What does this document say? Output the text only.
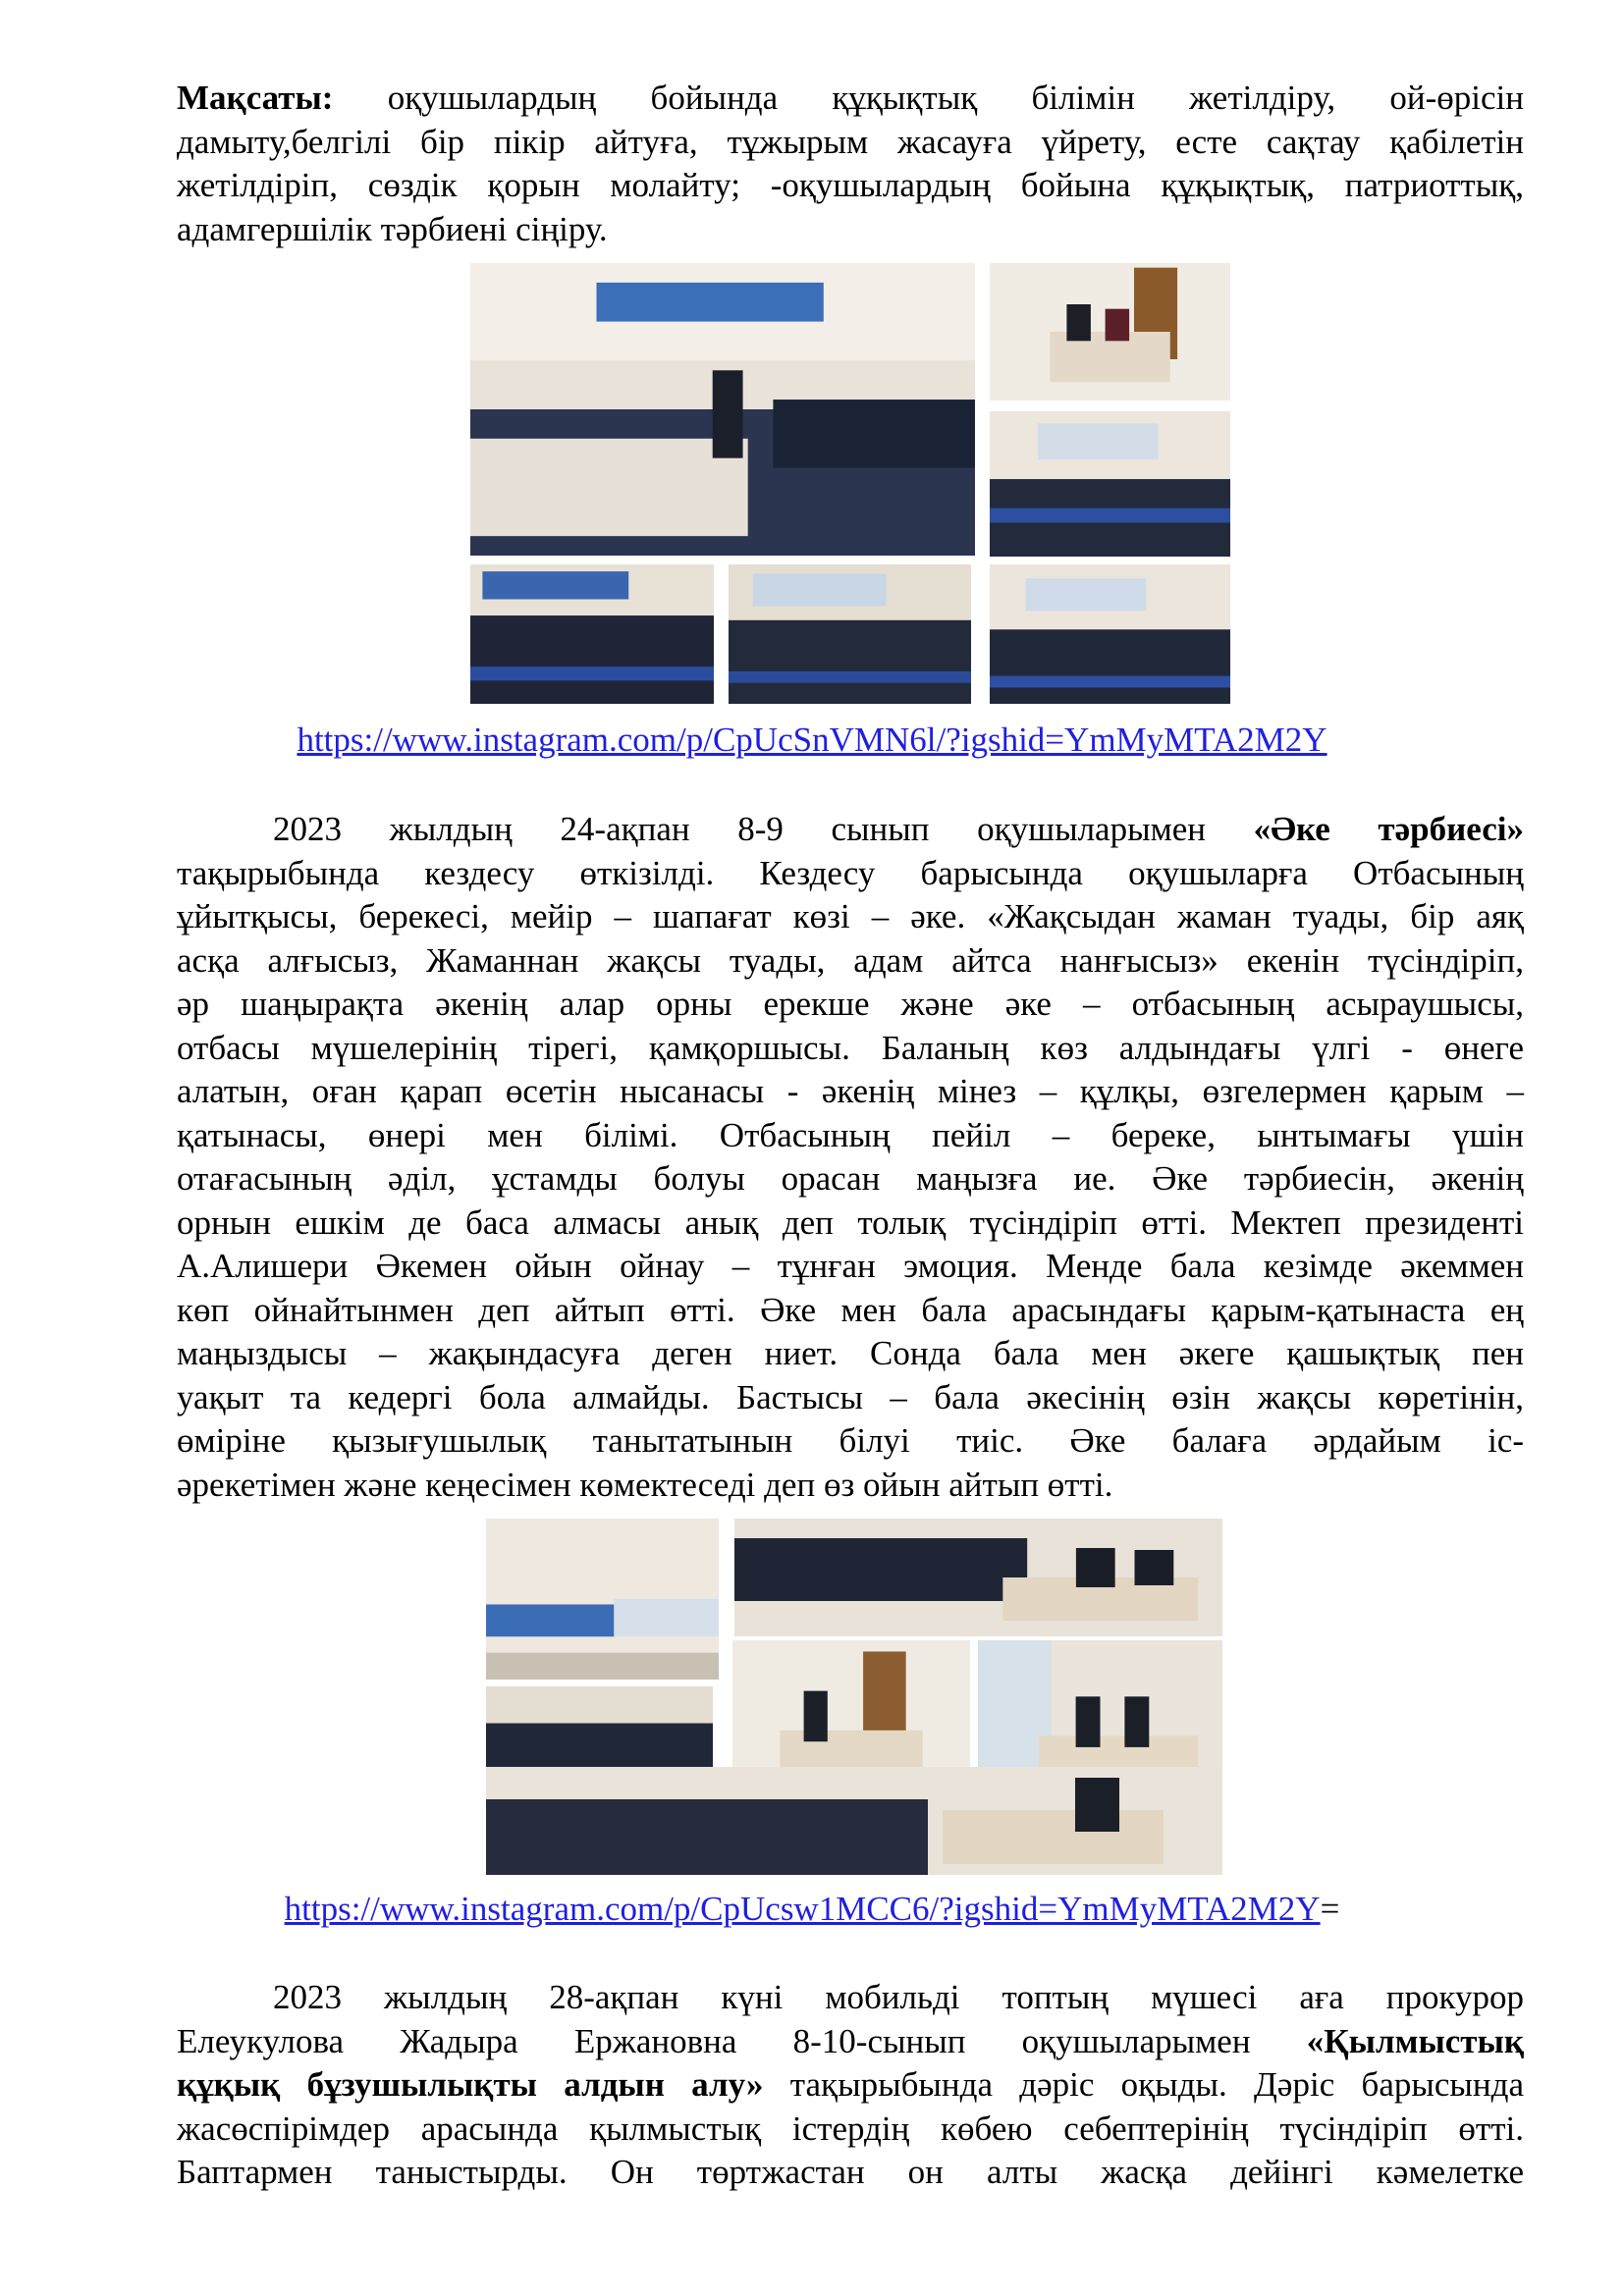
Мақсаты: оқушылардың бойында құқықтық білімін жетілдіру, ой-өрісін
дамыту,белгілі бір пікір айтуға, тұжырым жасауға үйрету, есте сақтау қабілетін
жетілдіріп, сөздік қорын молайту; -оқушылардың бойына құқықтық, патриоттық,
адамгершілік тәрбиені сіңіру.
https://www.instagram.com/p/CpUcSnVMN6l/?igshid=YmMyMTA2M2Y
2023 жылдың 24-ақпан 8-9 сынып оқушыларымен «Әке тәрбиесі»
тақырыбында кездесу өткізілді. Кездесу барысында оқушыларға Отбасының
ұйытқысы, берекесі, мейір – шапағат көзі – әке. «Жақсыдан жаман туады, бір аяқ
асқа алғысыз, Жаманнан жақсы туады, адам айтса нанғысыз» екенін түсіндіріп,
әр шаңырақта әкенің алар орны ерекше және әке – отбасының асыраушысы,
отбасы мүшелерінің тірегі, қамқоршысы. Баланың көз алдындағы үлгі - өнеге
алатын, оған қарап өсетін нысанасы - әкенің мінез – құлқы, өзгелермен қарым –
қатынасы, өнері мен білімі. Отбасының пейіл – береке, ынтымағы үшін
отағасының әділ, ұстамды болуы орасан маңызға ие. Әке тәрбиесін, әкенің
орнын ешкім де баса алмасы анық деп толық түсіндіріп өтті. Мектеп президенті
А.Алишери Әкемен ойын ойнау – тұнған эмоция. Менде бала кезімде әкеммен
көп ойнайтынмен деп айтып өтті. Әке мен бала арасындағы қарым-қатынаста ең
маңыздысы – жақындасуға деген ниет. Сонда бала мен әкеге қашықтық пен
уақыт та кедергі бола алмайды. Бастысы – бала әкесінің өзін жақсы көретінін,
өміріне қызығушылық танытатынын білуі тиіс. Әке балаға әрдайым іс-
әрекетімен және кеңесімен көмектеседі деп өз ойын айтып өтті.
https://www.instagram.com/p/CpUcsw1MCC6/?igshid=YmMyMTA2M2Y=
2023 жылдың 28-ақпан күні мобильді топтың мүшесі аға прокурор
Елеукулова Жадыра Ержановна 8-10-сынып оқушыларымен «Қылмыстық
құқық бұзушылықты алдын алу» тақырыбында дәріс оқыды. Дәріс барысында
жасөспірімдер арасында қылмыстық істердің көбею себептерінің түсіндіріп өтті.
Баптармен таныстырды. Он төртжастан он алты жасқа дейінгі кәмелетке
